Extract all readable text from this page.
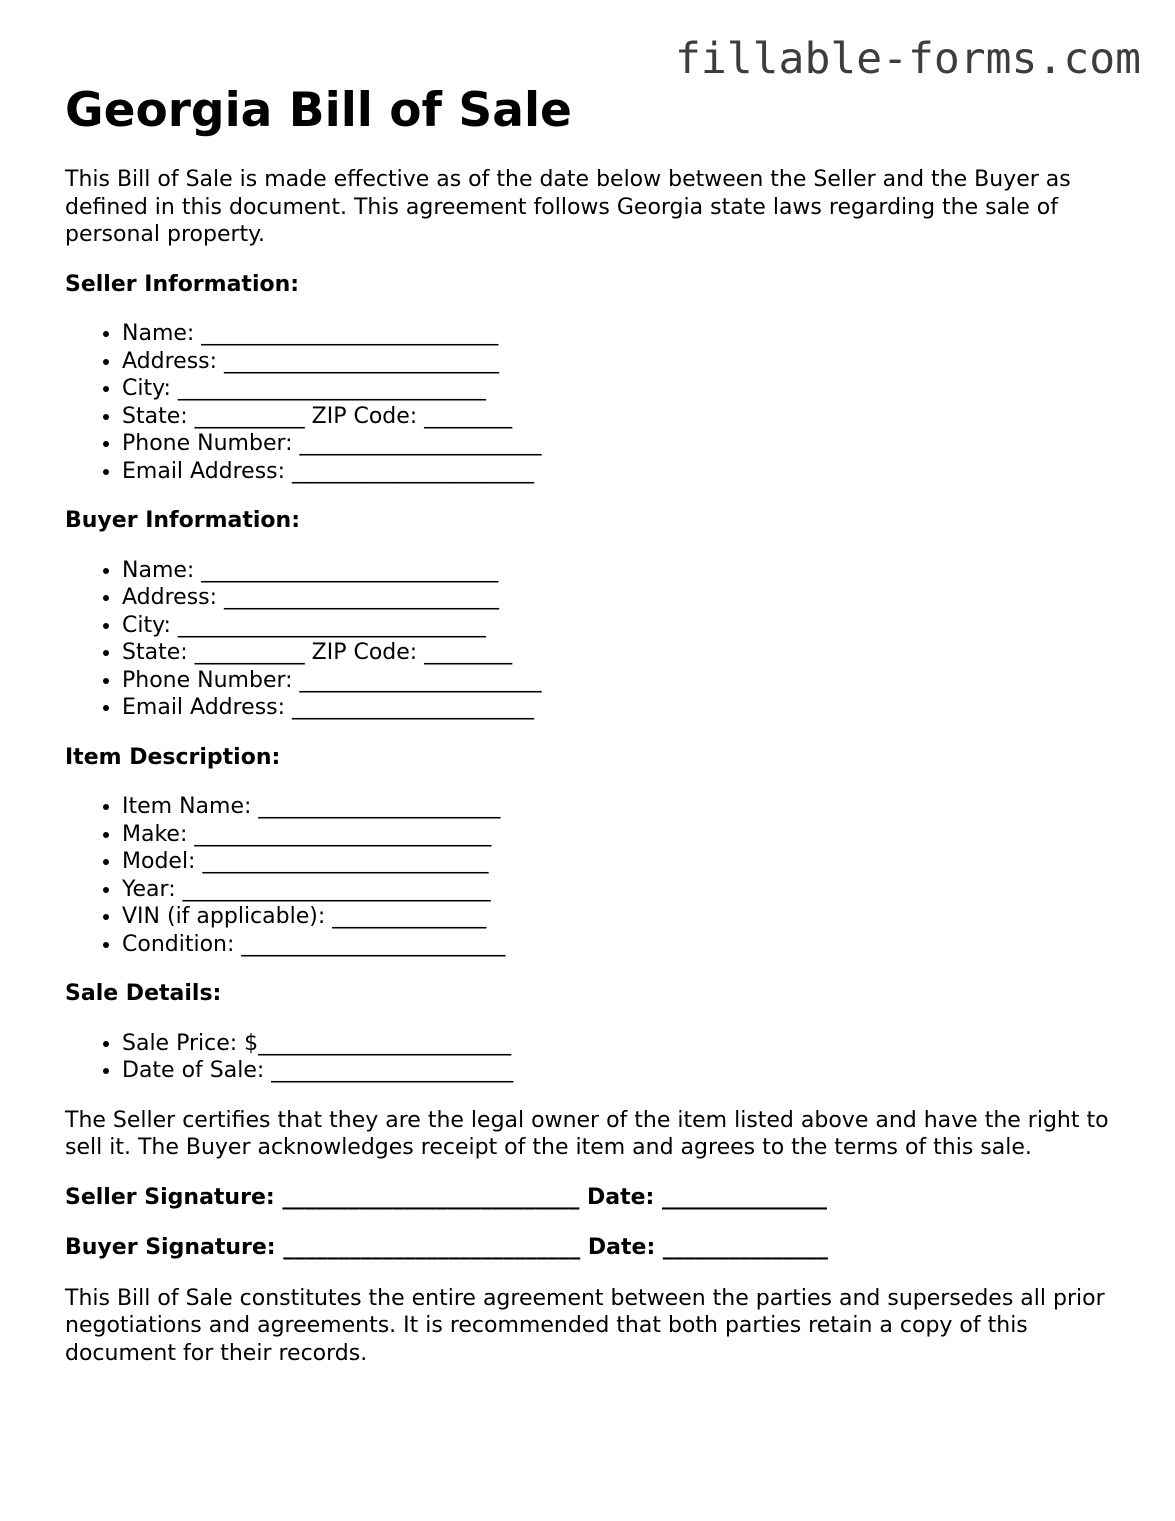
fillable-forms.com
Georgia Bill of Sale

This Bill of Sale is made effective as of the date below between the Seller and the Buyer as defined in this document. This agreement follows Georgia state laws regarding the sale of personal property.

Seller Information:
• Name: ___________________________
• Address: _________________________
• City: ____________________________
• State: __________ ZIP Code: ________
• Phone Number: ______________________
• Email Address: ______________________
Buyer Information:
• Name: ___________________________
• Address: _________________________
• City: ____________________________
• State: __________ ZIP Code: ________
• Phone Number: ______________________
• Email Address: ______________________
Item Description:
• Item Name: ______________________
• Make: ___________________________
• Model: __________________________
• Year: ____________________________
• VIN (if applicable): ______________
• Condition: ________________________
Sale Details:
• Sale Price: $_______________________
• Date of Sale: ______________________

The Seller certifies that they are the legal owner of the item listed above and have the right to sell it. The Buyer acknowledges receipt of the item and agrees to the terms of this sale.

Seller Signature: ___________________________ Date: _______________
Buyer Signature: ___________________________ Date: _______________

This Bill of Sale constitutes the entire agreement between the parties and supersedes all prior negotiations and agreements. It is recommended that both parties retain a copy of this document for their records.
